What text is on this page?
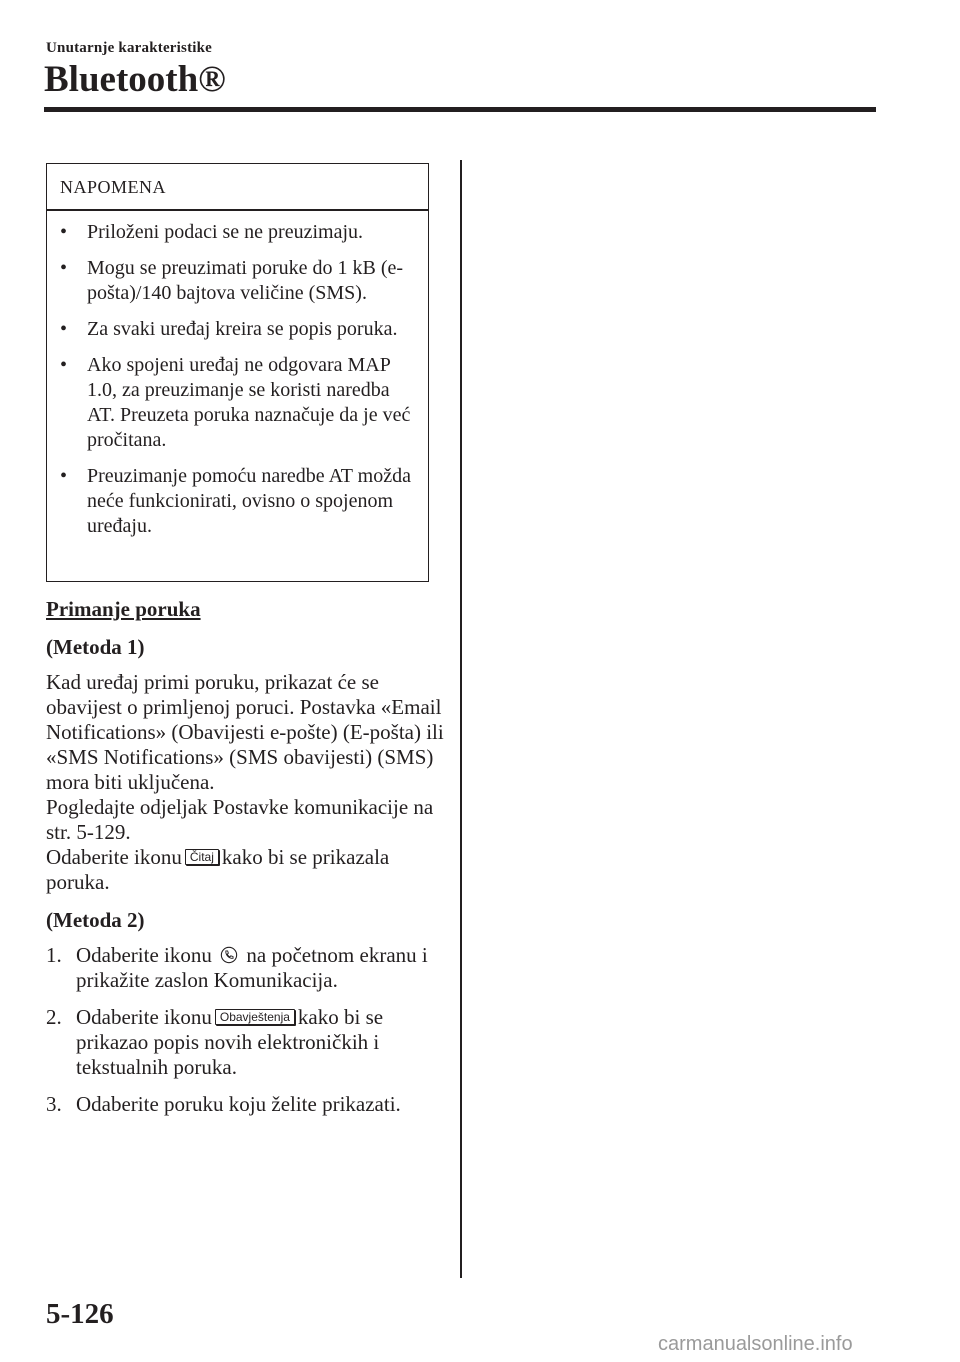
Unutarnje karakteristike
Bluetooth®
NAPOMENA
• Priloženi podaci se ne preuzimaju.
• Mogu se preuzimati poruke do 1 kB (e-pošta)/140 bajtova veličine (SMS).
• Za svaki uređaj kreira se popis poruka.
• Ako spojeni uređaj ne odgovara MAP 1.0, za preuzimanje se koristi naredba AT. Preuzeta poruka naznačuje da je već pročitana.
• Preuzimanje pomoću naredbe AT možda neće funkcionirati, ovisno o spojenom uređaju.
Primanje poruka
(Metoda 1)
Kad uređaj primi poruku, prikazat će se obavijest o primljenoj poruci. Postavka «Email Notifications» (Obavijesti e-pošte) (E-pošta) ili «SMS Notifications» (SMS obavijesti) (SMS) mora biti uključena.
Pogledajte odjeljak Postavke komunikacije na str. 5-129.
Odaberite ikonu Čitaj kako bi se prikazala poruka.
(Metoda 2)
1. Odaberite ikonu na početnom ekranu i prikažite zaslon Komunikacija.
2. Odaberite ikonu Obavještenja kako bi se prikazao popis novih elektroničkih i tekstualnih poruka.
3. Odaberite poruku koju želite prikazati.
5-126
carmanualsonline.info
